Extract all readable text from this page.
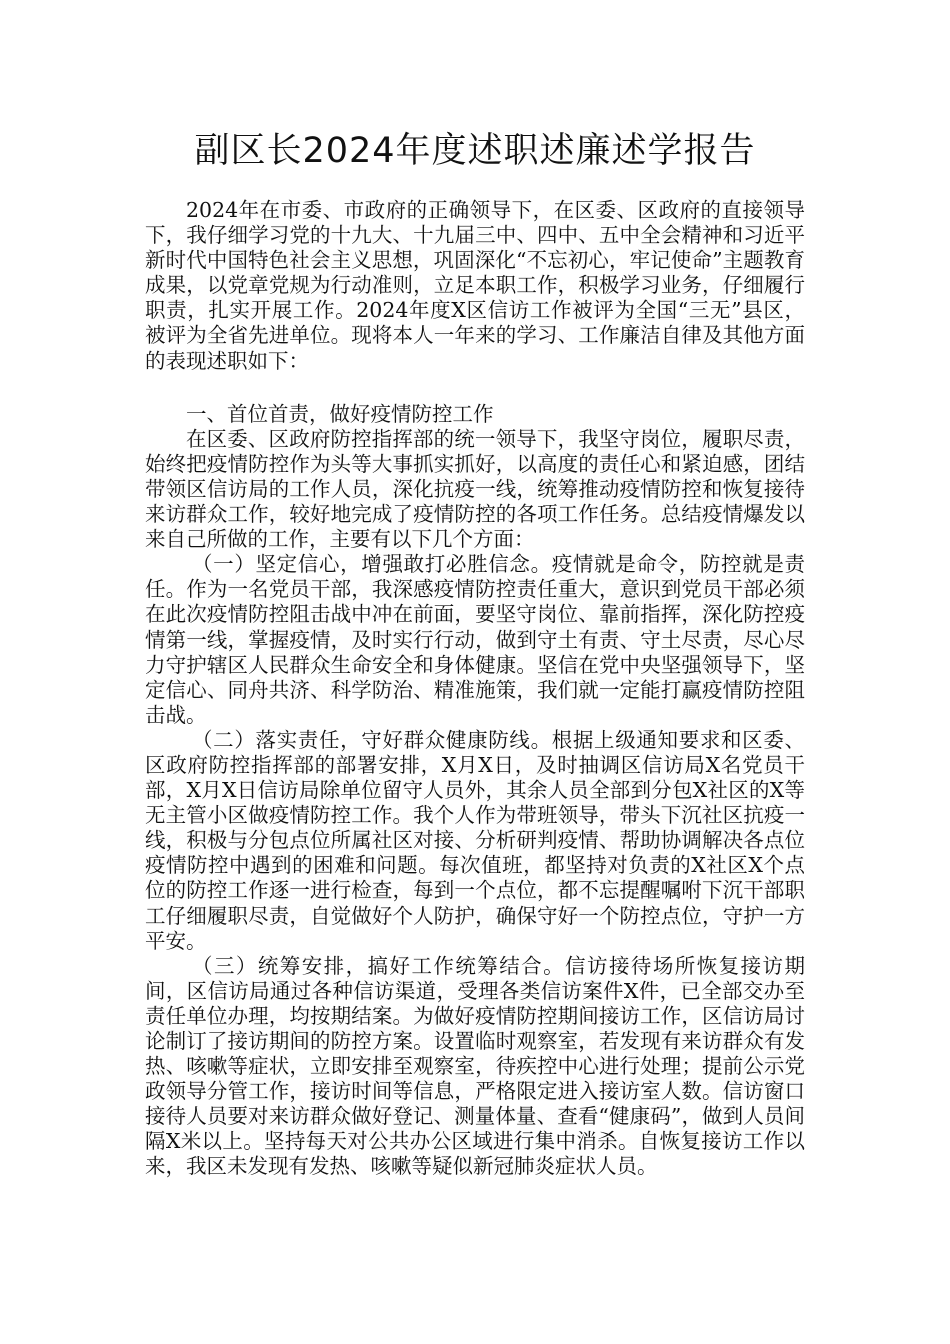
副区长2024年度述职述廉述学报告

2024年在市委、市政府的正确领导下，在区委、区政府的直接领导下，我仔细学习党的十九大、十九届三中、四中、五中全会精神和习近平新时代中国特色社会主义思想，巩固深化“不忘初心，牢记使命”主题教育成果，以党章党规为行动准则，立足本职工作，积极学习业务，仔细履行职责，扎实开展工作。2024年度X区信访工作被评为全国“三无”县区，被评为全省先进单位。现将本人一年来的学习、工作廉洁自律及其他方面的表现述职如下：

一、首位首责，做好疫情防控工作

在区委、区政府防控指挥部的统一领导下，我坚守岗位，履职尽责，始终把疫情防控作为头等大事抓实抓好，以高度的责任心和紧迫感，团结带领区信访局的工作人员，深化抗疫一线，统筹推动疫情防控和恢复接待来访群众工作，较好地完成了疫情防控的各项工作任务。总结疫情爆发以来自己所做的工作，主要有以下几个方面：

（一）坚定信心，增强敢打必胜信念。疫情就是命令，防控就是责任。作为一名党员干部，我深感疫情防控责任重大，意识到党员干部必须在此次疫情防控阻击战中冲在前面，要坚守岗位、靠前指挥，深化防控疫情第一线，掌握疫情，及时实行行动，做到守土有责、守土尽责，尽心尽力守护辖区人民群众生命安全和身体健康。坚信在党中央坚强领导下，坚定信心、同舟共济、科学防治、精准施策，我们就一定能打赢疫情防控阻击战。

（二）落实责任，守好群众健康防线。根据上级通知要求和区委、区政府防控指挥部的部署安排，X月X日，及时抽调区信访局X名党员干部，X月X日信访局除单位留守人员外，其余人员全部到分包X社区的X等无主管小区做疫情防控工作。我个人作为带班领导，带头下沉社区抗疫一线，积极与分包点位所属社区对接、分析研判疫情、帮助协调解决各点位疫情防控中遇到的困难和问题。每次值班，都坚持对负责的X社区X个点位的防控工作逐一进行检查，每到一个点位，都不忘提醒嘱咐下沉干部职工仔细履职尽责，自觉做好个人防护，确保守好一个防控点位，守护一方平安。

（三）统筹安排，搞好工作统筹结合。信访接待场所恢复接访期间，区信访局通过各种信访渠道，受理各类信访案件X件，已全部交办至责任单位办理，均按期结案。为做好疫情防控期间接访工作，区信访局讨论制订了接访期间的防控方案。设置临时观察室，若发现有来访群众有发热、咳嗽等症状，立即安排至观察室，待疾控中心进行处理；提前公示党政领导分管工作，接访时间等信息，严格限定进入接访室人数。信访窗口接待人员要对来访群众做好登记、测量体量、查看“健康码”，做到人员间隔X米以上。坚持每天对公共办公区域进行集中消杀。自恢复接访工作以来，我区未发现有发热、咳嗽等疑似新冠肺炎症状人员。
